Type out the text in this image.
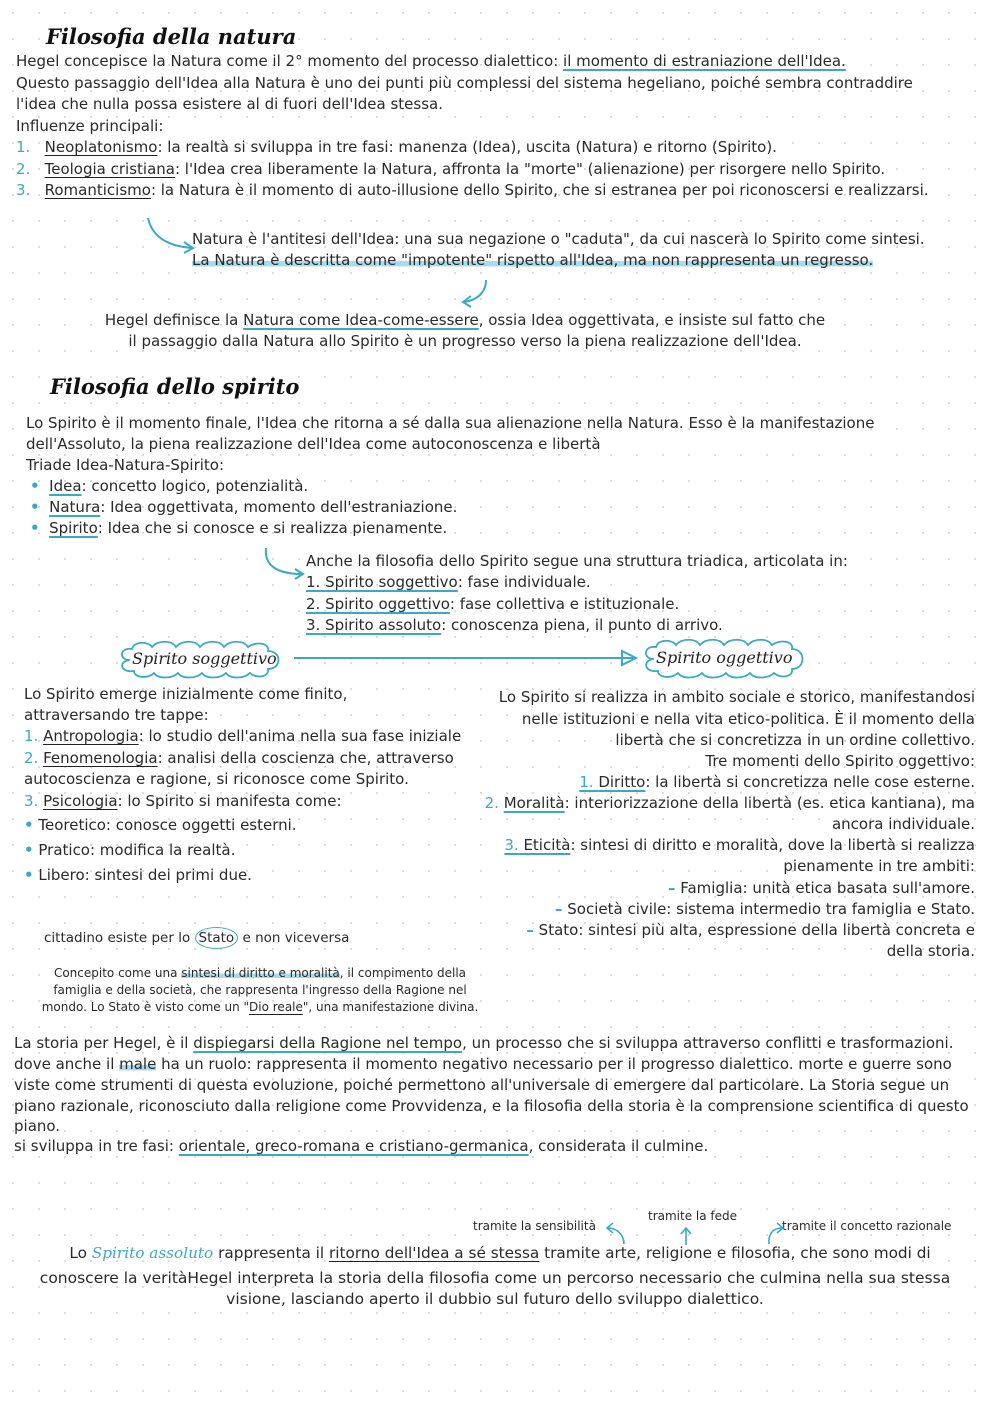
Filosofia della natura
Hegel concepisce la Natura come il 2° momento del processo dialettico: il momento di estraniazione dell'Idea.
Questo passaggio dell'Idea alla Natura è uno dei punti più complessi del sistema hegeliano, poiché sembra contraddire
l'idea che nulla possa esistere al di fuori dell'Idea stessa.
Influenze principali:
1. Neoplatonismo: la realtà si sviluppa in tre fasi: manenza (Idea), uscita (Natura) e ritorno (Spirito).
2. Teologia cristiana: l'Idea crea liberamente la Natura, affronta la "morte" (alienazione) per risorgere nello Spirito.
3. Romanticismo: la Natura è il momento di auto-illusione dello Spirito, che si estranea per poi riconoscersi e realizzarsi.
Natura è l'antitesi dell'Idea: una sua negazione o "caduta", da cui nascerà lo Spirito come sintesi.
La Natura è descritta come "impotente" rispetto all'Idea, ma non rappresenta un regresso.
Hegel definisce la Natura come Idea-come-essere, ossia Idea oggettivata, e insiste sul fatto che
il passaggio dalla Natura allo Spirito è un progresso verso la piena realizzazione dell'Idea.
Filosofia dello spirito
Lo Spirito è il momento finale, l'Idea che ritorna a sé dalla sua alienazione nella Natura. Esso è la manifestazione
dell'Assoluto, la piena realizzazione dell'Idea come autoconoscenza e libertà
Triade Idea-Natura-Spirito:
• Idea: concetto logico, potenzialità.
• Natura: Idea oggettivata, momento dell'estraniazione.
• Spirito: Idea che si conosce e si realizza pienamente.
Anche la filosofia dello Spirito segue una struttura triadica, articolata in:
1. Spirito soggettivo: fase individuale.
2. Spirito oggettivo: fase collettiva e istituzionale.
3. Spirito assoluto: conoscenza piena, il punto di arrivo.
Spirito soggettivo	Spirito oggettivo
Lo Spirito emerge inizialmente come finito,
attraversando tre tappe:
1. Antropologia: lo studio dell'anima nella sua fase iniziale
2. Fenomenologia: analisi della coscienza che, attraverso
autocoscienza e ragione, si riconosce come Spirito.
3. Psicologia: lo Spirito si manifesta come:
• Teoretico: conosce oggetti esterni.
• Pratico: modifica la realtà.
• Libero: sintesi dei primi due.
Lo Spirito si realizza in ambito sociale e storico, manifestandosi
nelle istituzioni e nella vita etico-politica. È il momento della
libertà che si concretizza in un ordine collettivo.
Tre momenti dello Spirito oggettivo:
1. Diritto: la libertà si concretizza nelle cose esterne.
2. Moralità: interiorizzazione della libertà (es. etica kantiana), ma
ancora individuale.
3. Eticità: sintesi di diritto e moralità, dove la libertà si realizza
pienamente in tre ambiti:
– Famiglia: unità etica basata sull'amore.
– Società civile: sistema intermedio tra famiglia e Stato.
– Stato: sintesi più alta, espressione della libertà concreta e
della storia.
cittadino esiste per lo Stato e non viceversa
Concepito come una sintesi di diritto e moralità, il compimento della
famiglia e della società, che rappresenta l'ingresso della Ragione nel
mondo. Lo Stato è visto come un "Dio reale", una manifestazione divina.
La storia per Hegel, è il dispiegarsi della Ragione nel tempo, un processo che si sviluppa attraverso conflitti e trasformazioni.
dove anche il male ha un ruolo: rappresenta il momento negativo necessario per il progresso dialettico. morte e guerre sono
viste come strumenti di questa evoluzione, poiché permettono all'universale di emergere dal particolare. La Storia segue un
piano razionale, riconosciuto dalla religione come Provvidenza, e la filosofia della storia è la comprensione scientifica di questo
piano.
si sviluppa in tre fasi: orientale, greco-romana e cristiano-germanica, considerata il culmine.
tramite la sensibilità
tramite la fede
tramite il concetto razionale
Lo Spirito assoluto rappresenta il ritorno dell'Idea a sé stessa tramite arte, religione e filosofia, che sono modi di
conoscere la veritàHegel interpreta la storia della filosofia come un percorso necessario che culmina nella sua stessa
visione, lasciando aperto il dubbio sul futuro dello sviluppo dialettico.
